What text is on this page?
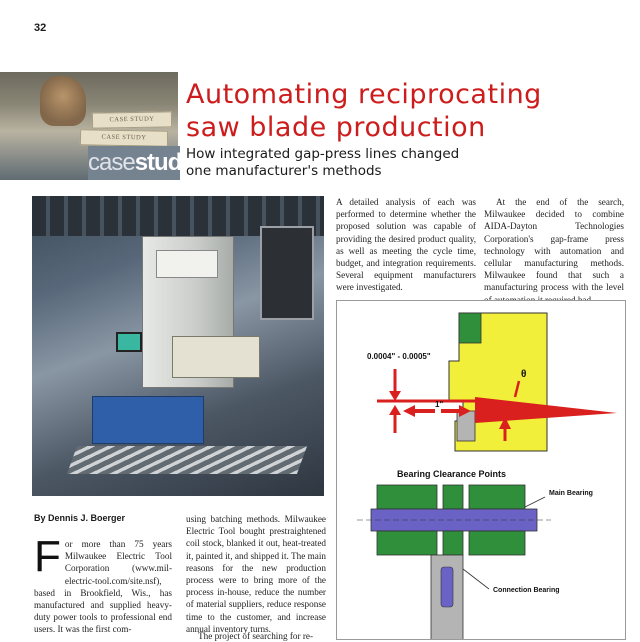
32
CASE STUDY
CASE STUDY
casestudy
Automating reciprocating
saw blade production
How integrated gap-press lines changed
one manufacturer's methods
By Dennis J. Boerger
For more than 75 years Milwaukee Electric Tool Corporation (www.mil-electric-tool.com/site.nsf), based in Brookfield, Wis., has manufactured and supplied heavy-duty power tools to professional end users. It was the first com-
using batching methods. Milwaukee Electric Tool bought prestraightened coil stock, blanked it out, heat-treated it, painted it, and shipped it. The main reasons for the new production process were to bring more of the process in-house, reduce the number of material suppliers, reduce response time to the customer, and increase annual inventory turns.
The project of searching for re-
A detailed analysis of each was performed to determine whether the proposed solution was capable of providing the desired product quality, as well as meeting the cycle time, budget, and integration requirements. Several equipment manufacturers were investigated.
At the end of the search, Milwaukee decided to combine AIDA-Dayton Technologies Corporation's gap-frame press technology with automation and cellular manufacturing methods. Milwaukee found that such a manufacturing process with the level
0.0004" - 0.0005"
1"
θ
Bearing Clearance Points
Main Bearing
Connection Bearing
